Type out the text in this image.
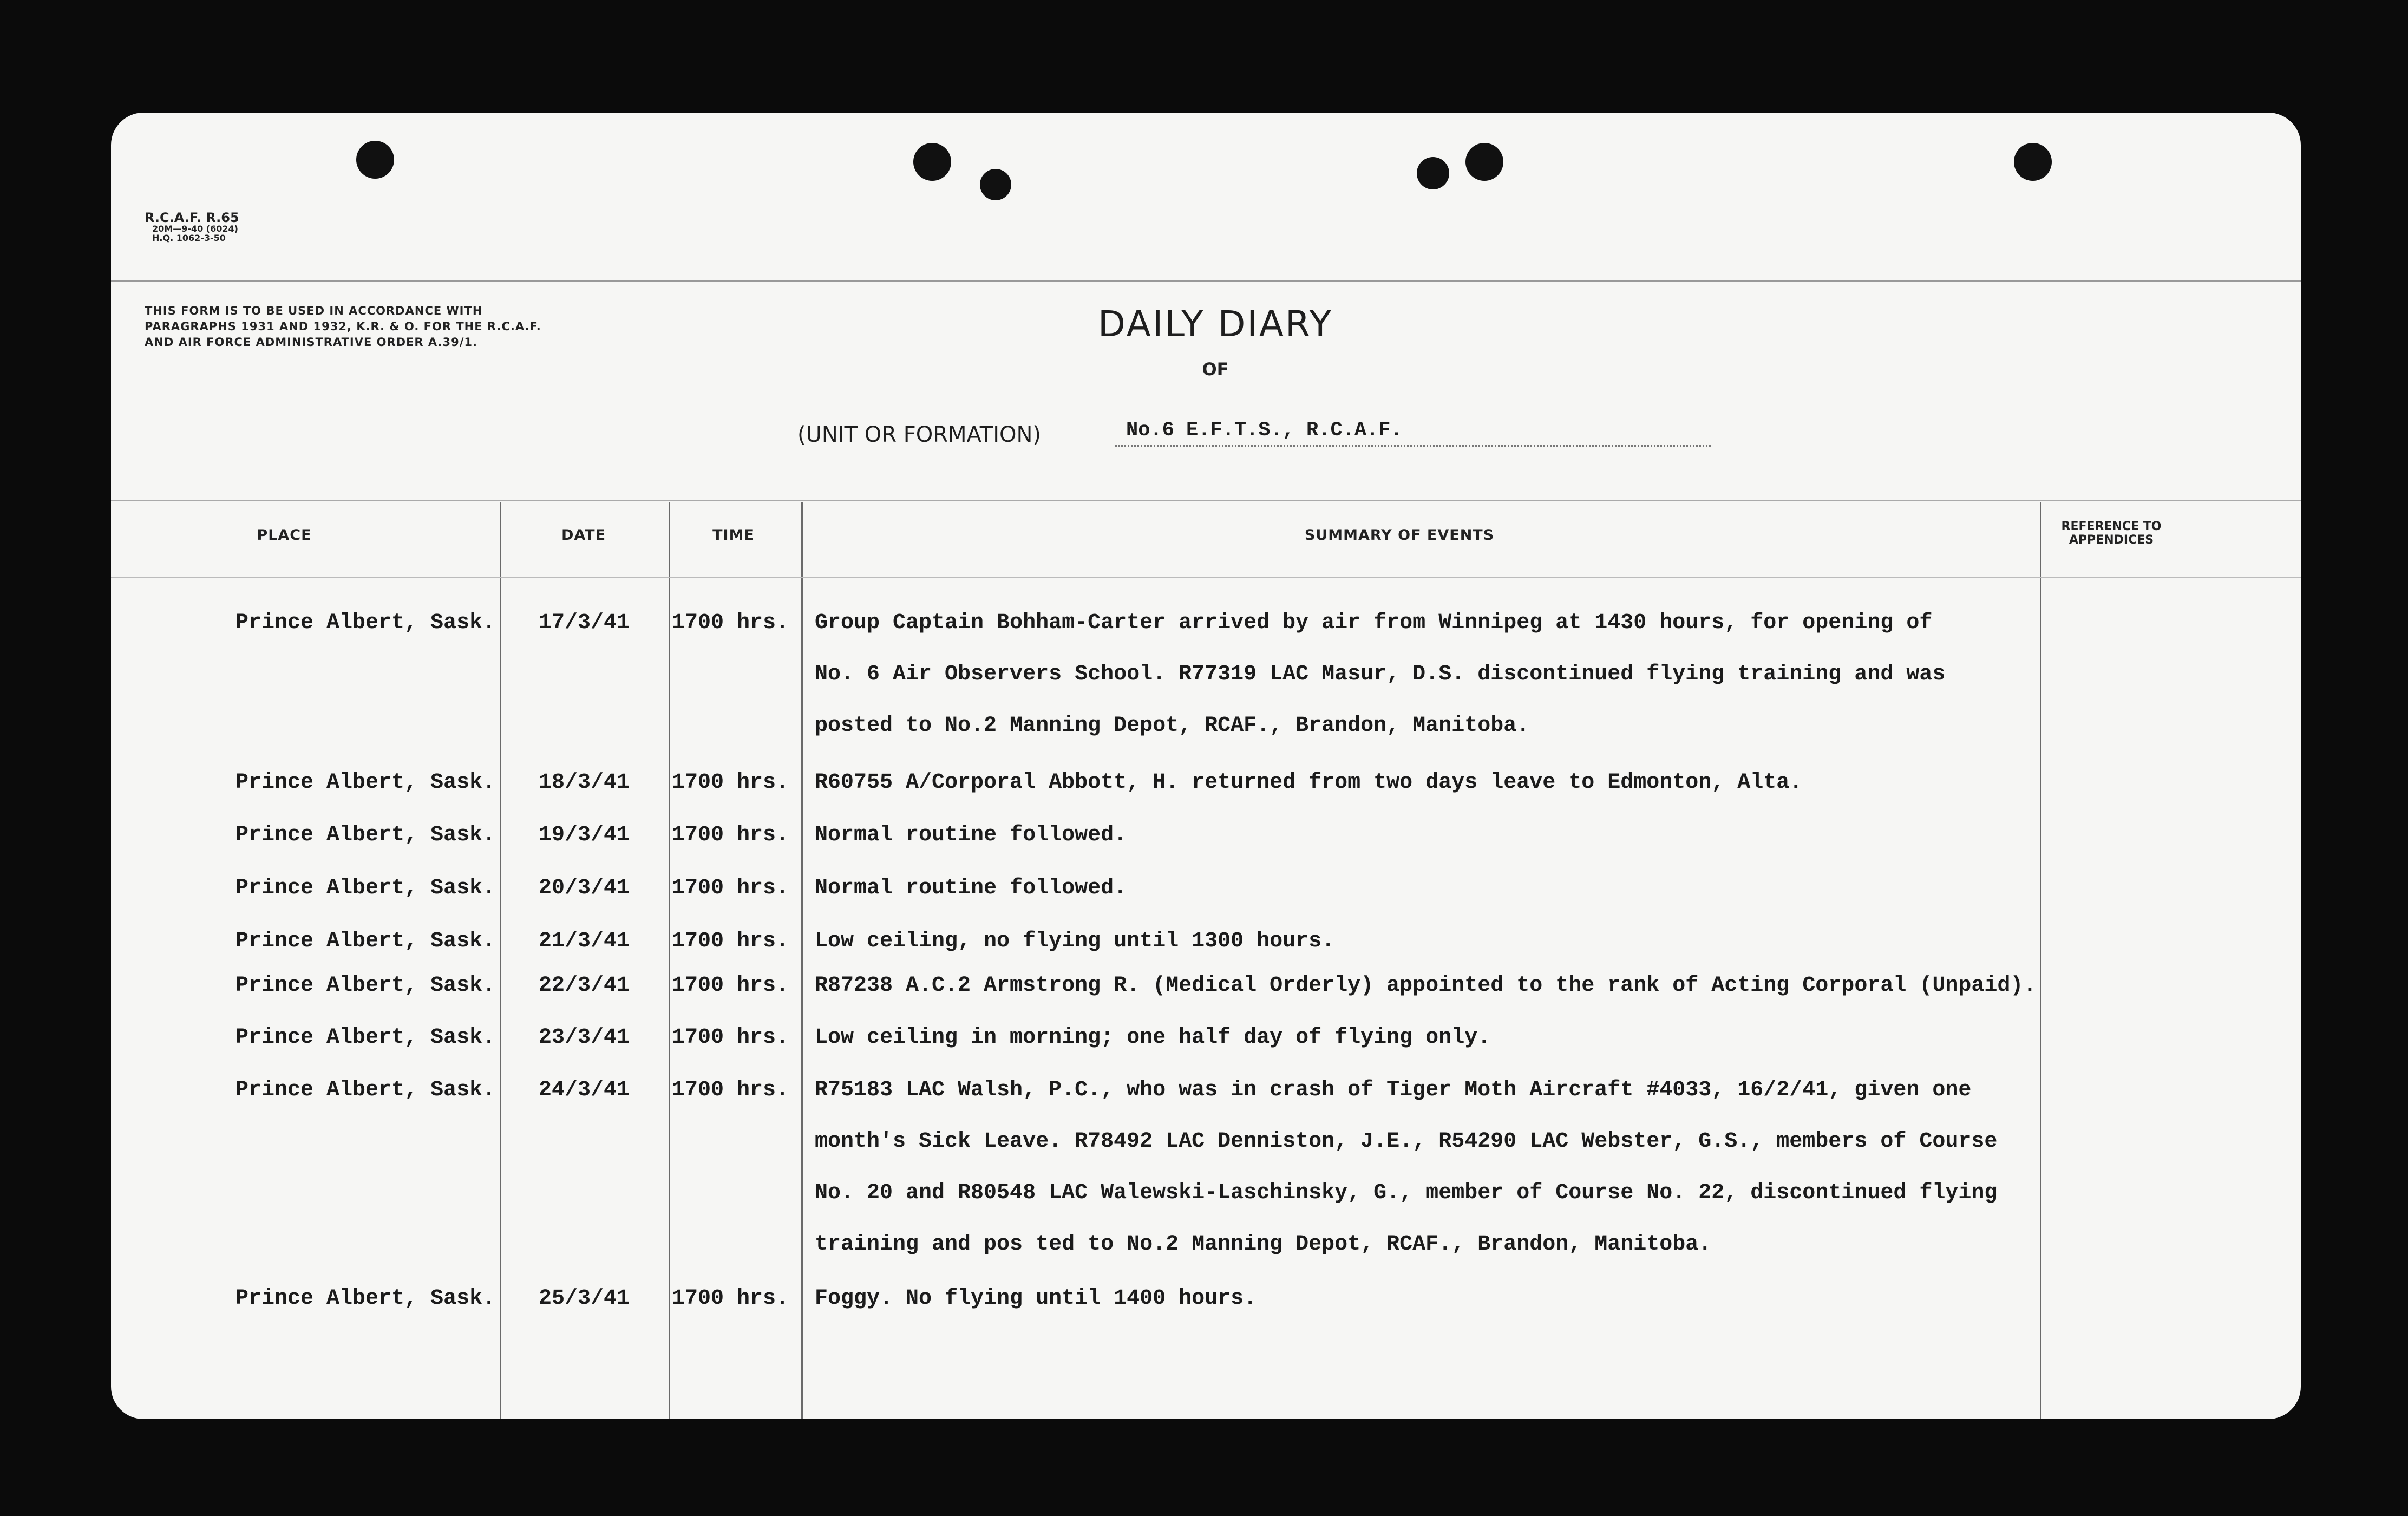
R.C.A.F. R.65
20M—9-40 (6024)
H.Q. 1062-3-50
THIS FORM IS TO BE USED IN ACCORDANCE WITH PARAGRAPHS 1931 AND 1932, K.R. & O. FOR THE R.C.A.F. AND AIR FORCE ADMINISTRATIVE ORDER A.39/1.	DAILY DIARY
OF
(UNIT OR FORMATION)	No.6 E.F.T.S., R.C.A.F.
PLACE	DATE	TIME	SUMMARY OF EVENTS
REFERENCE TO APPENDICES
Prince Albert, Sask. 17/3/41 1700 hrs. Group Captain Bohham-Carter arrived by air from Winnipeg at 1430 hours, for opening of
No. 6 Air Observers School. R77319 LAC Masur, D.S. discontinued flying training and was
posted to No.2 Manning Depot, RCAF., Brandon, Manitoba.
Prince Albert, Sask. 18/3/41 1700 hrs. R60755 A/Corporal Abbott, H. returned from two days leave to Edmonton, Alta.
Prince Albert, Sask. 19/3/41 1700 hrs. Normal routine followed.
Prince Albert, Sask. 20/3/41 1700 hrs. Normal routine followed.
Prince Albert, Sask. 21/3/41 1700 hrs. Low ceiling, no flying until 1300 hours.
Prince Albert, Sask. 22/3/41 1700 hrs. R87238 A.C.2 Armstrong R. (Medical Orderly) appointed to the rank of Acting Corporal (Unpaid).
Prince Albert, Sask. 23/3/41 1700 hrs. Low ceiling in morning; one half day of flying only.
Prince Albert, Sask. 24/3/41 1700 hrs. R75183 LAC Walsh, P.C., who was in crash of Tiger Moth Aircraft #4033, 16/2/41, given one
month's Sick Leave. R78492 LAC Denniston, J.E., R54290 LAC Webster, G.S., members of Course
No. 20 and R80548 LAC Walewski-Laschinsky, G., member of Course No. 22, discontinued flying
training and pos ted to No.2 Manning Depot, RCAF., Brandon, Manitoba.
Prince Albert, Sask. 25/3/41 1700 hrs. Foggy. No flying until 1400 hours.
